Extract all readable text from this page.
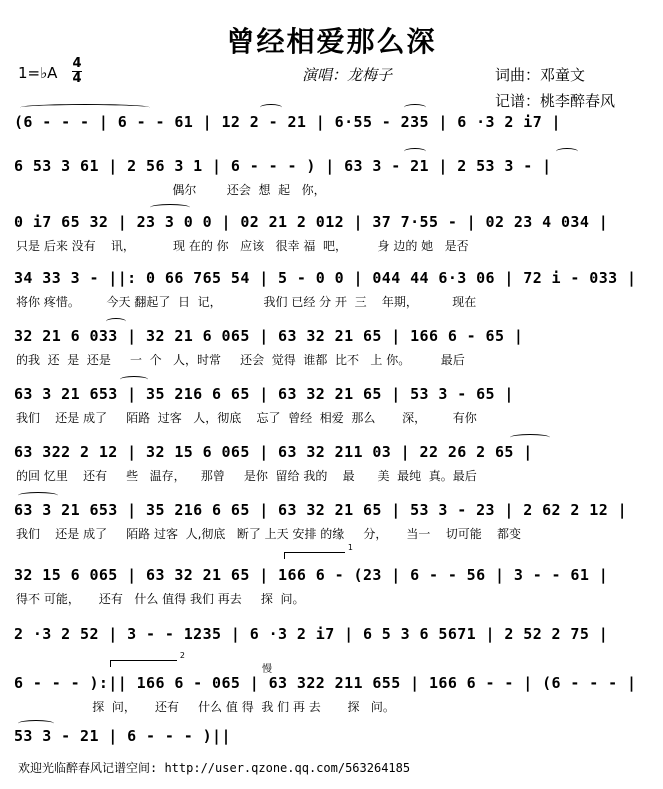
曾经相爱那么深
1=♭A
4
4	演唱：龙梅子	词曲：邓童文
记谱：桃李醉春风
(6 - - - | 6 - - 61 | 12 2 - 21 | 6·55 - 235 | 6 ·3 2 i7 |
6 53 3 61 | 2 56 3 1 | 6 - - - ) | 63 3 - 21 | 2 53 3 - |
偶尔        还会  想  起   你，
0 i7 65 32 | 23 3 0 0 | 02 21 2 012 | 37 7·55 - | 02 23 4 034 |
只是 后来 没有    讯，          现 在的 你   应该   很幸 福  吧，        身 边的 她   是否
34 33 3 - ||: 0 66 765 54 | 5 - 0 0 | 044 44 6·3 06 | 72 i - 033 |
将你 疼惜。       今天 翻起了  日  记，           我们 已经 分 开  三    年期，         现在
32 21 6 033 | 32 21 6 065 | 63 32 21 65 | 166 6 - 65 |
的我  还  是  还是     一  个   人，时常     还会  觉得  谁都  比不   上 你。        最后
63 3 21 653 | 35 216 6 65 | 63 32 21 65 | 53 3 - 65 |
我们    还是 成了     陌路  过客   人，彻底    忘了  曾经  相爱  那么       深，       有你
63 322 2 12 | 32 15 6 065 | 63 32 211 03 | 22 26 2 65 |
的回 忆里    还有     些   温存，    那曾     是你  留给 我的    最      美  最纯  真。最后
63 3 21 653 | 35 216 6 65 | 63 32 21 65 | 53 3 - 23 | 2 62 2 12 |
我们    还是 成了     陌路 过客  人,彻底   断了 上天 安排 的缘     分，     当一    切可能    都变
32 15 6 065 | 63 32 21 65 | 166 6 - (23 | 6 - - 56 | 3 - - 61 |
得不 可能，     还有   什么 值得 我们 再去     探  问。
2 ·3 2 52 | 3 - - 1235 | 6 ·3 2 i7 | 6 5 3 6 5671 | 2 52 2 75 |
6 - - - ):|| 166 6 - 065 | 63 322 211 655 | 166 6 - - | (6 - - - |
探  问，     还有     什么 值 得  我 们 再 去       探   问。
53 3 - 21 | 6 - - - )||
1
2
慢
欢迎光临醉春风记谱空间: http://user.qzone.qq.com/563264185
